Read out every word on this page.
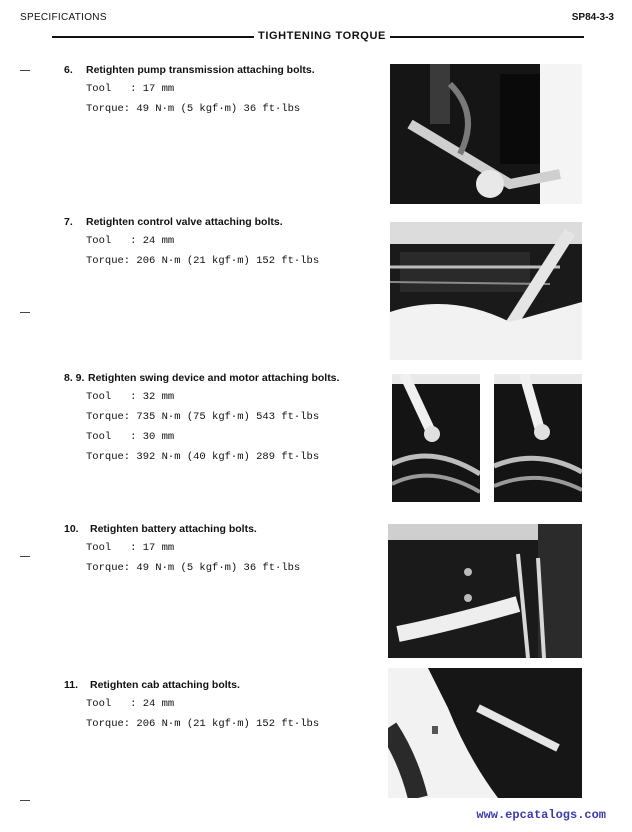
SPECIFICATIONS	SP84-3-3
TIGHTENING TORQUE

6. Retighten pump transmission attaching bolts.

Tool   : 17 mm

Torque: 49 N·m (5 kgf·m) 36 ft·lbs

7. Retighten control valve attaching bolts.

Tool   : 24 mm

Torque: 206 N·m (21 kgf·m) 152 ft·lbs

8. 9. Retighten swing device and motor attaching bolts.

Tool   : 32 mm

Torque: 735 N·m (75 kgf·m) 543 ft·lbs

Tool   : 30 mm

Torque: 392 N·m (40 kgf·m) 289 ft·lbs

10. Retighten battery attaching bolts.

Tool   : 17 mm

Torque: 49 N·m (5 kgf·m) 36 ft·lbs

11. Retighten cab attaching bolts.

Tool   : 24 mm

Torque: 206 N·m (21 kgf·m) 152 ft·lbs

www.epcatalogs.com
